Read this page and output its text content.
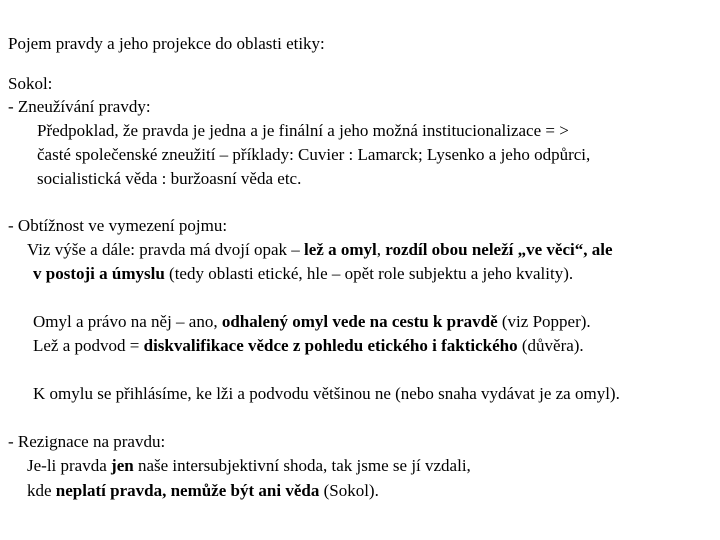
Pojem pravdy a jeho projekce do oblasti etiky:
Sokol:
- Zneužívání pravdy:
Předpoklad, že pravda je jedna a je finální a jeho možná institucionalizace = >
časté společenské zneužití – příklady: Cuvier : Lamarck; Lysenko a jeho odpůrci,
socialistická věda : buržoasní věda etc.
- Obtížnost ve vymezení pojmu:
Viz výše a dále: pravda má dvojí opak – lež a omyl, rozdíl obou neleží „ve věci“, ale
v postoji a úmyslu (tedy oblasti etické, hle – opět role subjektu a jeho kvality).
Omyl a právo na něj – ano, odhalený omyl vede na cestu k pravdě (viz Popper).
Lež a podvod = diskvalifikace vědce z pohledu etického i faktického (důvěra).
K omylu se přihlásíme, ke lži a podvodu většinou ne (nebo snaha vydávat je za omyl).
- Rezignace na pravdu:
Je-li pravda jen naše intersubjektivní shoda, tak jsme se jí vzdali,
kde neplatí pravda, nemůže být ani věda (Sokol).
